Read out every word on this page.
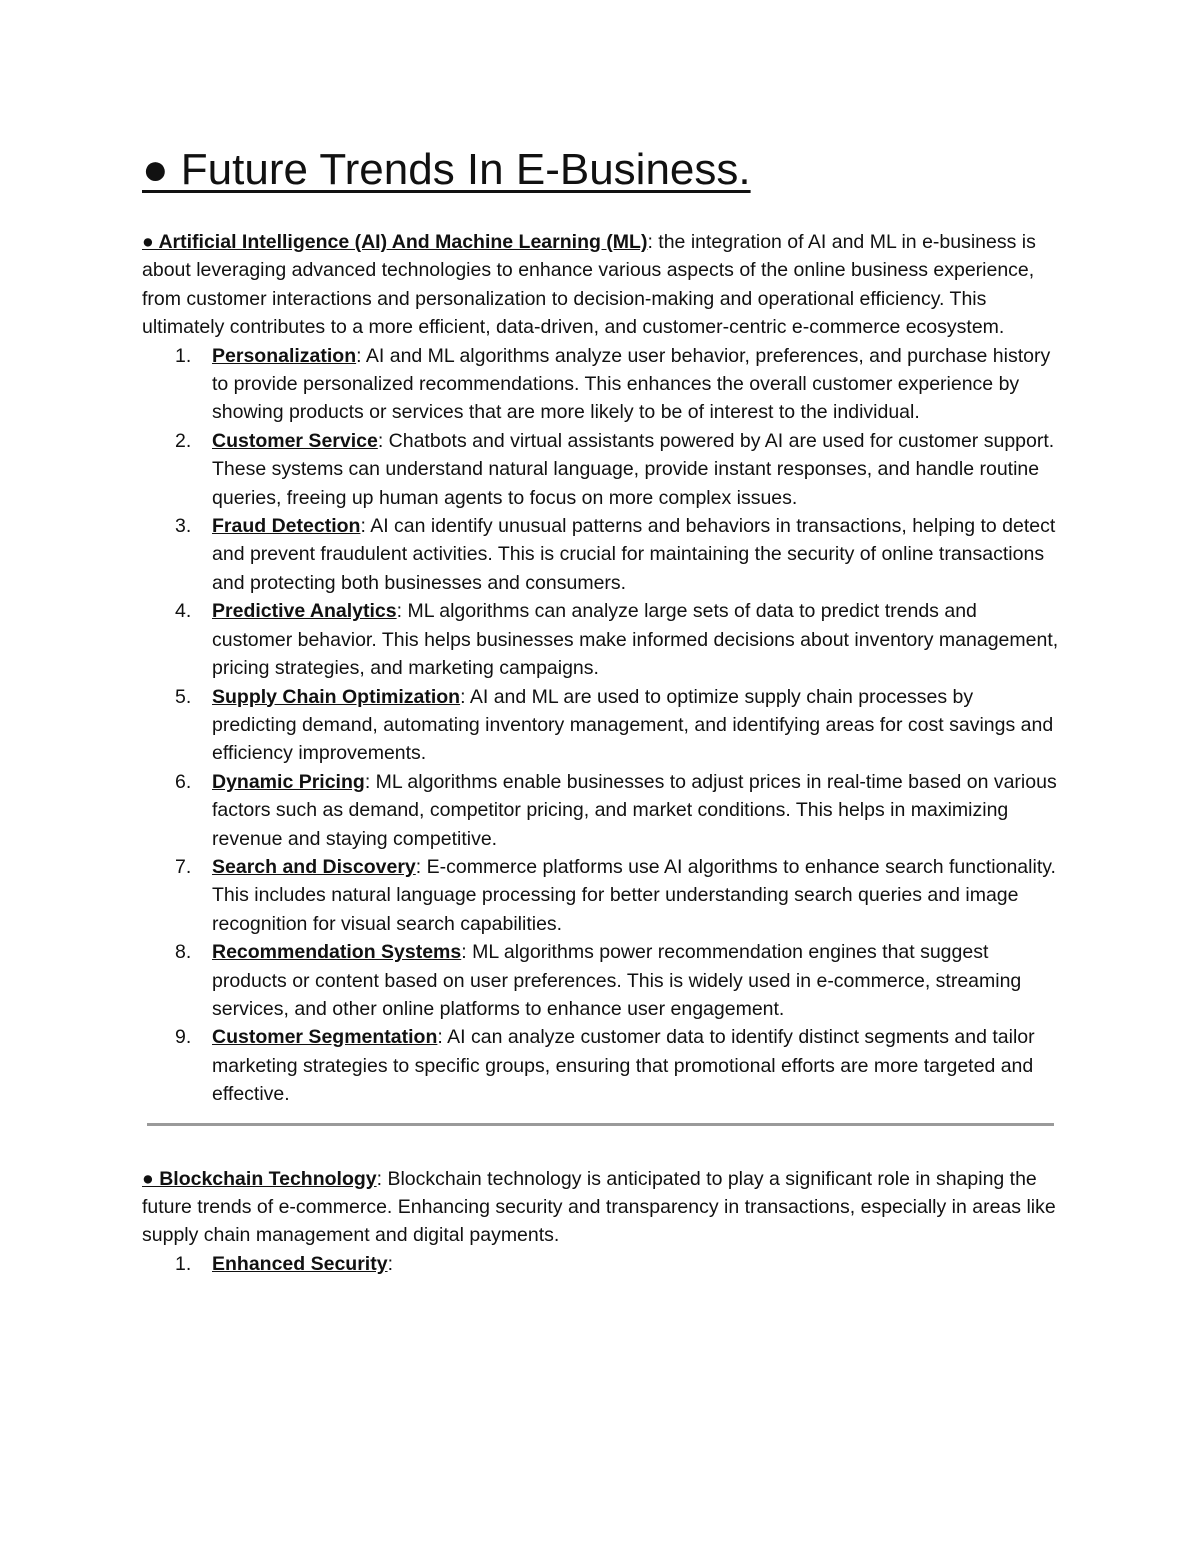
● Future Trends In E-Business.

● Artificial Intelligence (AI) And Machine Learning (ML): the integration of AI and ML in e-business is about leveraging advanced technologies to enhance various aspects of the online business experience, from customer interactions and personalization to decision-making and operational efficiency. This ultimately contributes to a more efficient, data-driven, and customer-centric e-commerce ecosystem.

1. Personalization: AI and ML algorithms analyze user behavior, preferences, and purchase history to provide personalized recommendations. This enhances the overall customer experience by showing products or services that are more likely to be of interest to the individual.
2. Customer Service: Chatbots and virtual assistants powered by AI are used for customer support. These systems can understand natural language, provide instant responses, and handle routine queries, freeing up human agents to focus on more complex issues.
3. Fraud Detection: AI can identify unusual patterns and behaviors in transactions, helping to detect and prevent fraudulent activities. This is crucial for maintaining the security of online transactions and protecting both businesses and consumers.
4. Predictive Analytics: ML algorithms can analyze large sets of data to predict trends and customer behavior. This helps businesses make informed decisions about inventory management, pricing strategies, and marketing campaigns.
5. Supply Chain Optimization: AI and ML are used to optimize supply chain processes by predicting demand, automating inventory management, and identifying areas for cost savings and efficiency improvements.
6. Dynamic Pricing: ML algorithms enable businesses to adjust prices in real-time based on various factors such as demand, competitor pricing, and market conditions. This helps in maximizing revenue and staying competitive.
7. Search and Discovery: E-commerce platforms use AI algorithms to enhance search functionality. This includes natural language processing for better understanding search queries and image recognition for visual search capabilities.
8. Recommendation Systems: ML algorithms power recommendation engines that suggest products or content based on user preferences. This is widely used in e-commerce, streaming services, and other online platforms to enhance user engagement.
9. Customer Segmentation: AI can analyze customer data to identify distinct segments and tailor marketing strategies to specific groups, ensuring that promotional efforts are more targeted and effective.

● Blockchain Technology: Blockchain technology is anticipated to play a significant role in shaping the future trends of e-commerce. Enhancing security and transparency in transactions, especially in areas like supply chain management and digital payments.

1. Enhanced Security:
